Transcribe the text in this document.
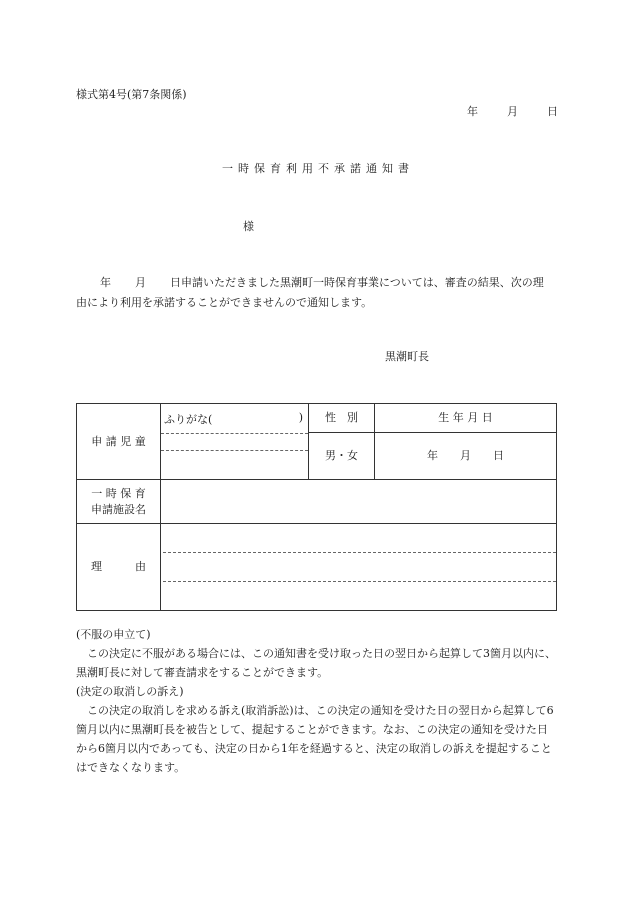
様式第4号(第7条関係)
年	月	日
一時保育利用不承諾通知書
様
年 月 日申請いただきました黒潮町一時保育事業については、審査の結果、次の理由により利用を承諾することができませんので通知します。
黒潮町長
申 請 児 童	ふりがな( )	性　別	生 年 月 日
		男・女	年 月 日

一 時 保 育
申請施設名			

理　　　由			
(不服の申立て)
この決定に不服がある場合には、この通知書を受け取った日の翌日から起算して3箇月以内に、黒潮町長に対して審査請求をすることができます。
(決定の取消しの訴え)
この決定の取消しを求める訴え(取消訴訟)は、この決定の通知を受けた日の翌日から起算して6箇月以内に黒潮町長を被告として、提起することができます。なお、この決定の通知を受けた日から6箇月以内であっても、決定の日から1年を経過すると、決定の取消しの訴えを提起することはできなくなります。
